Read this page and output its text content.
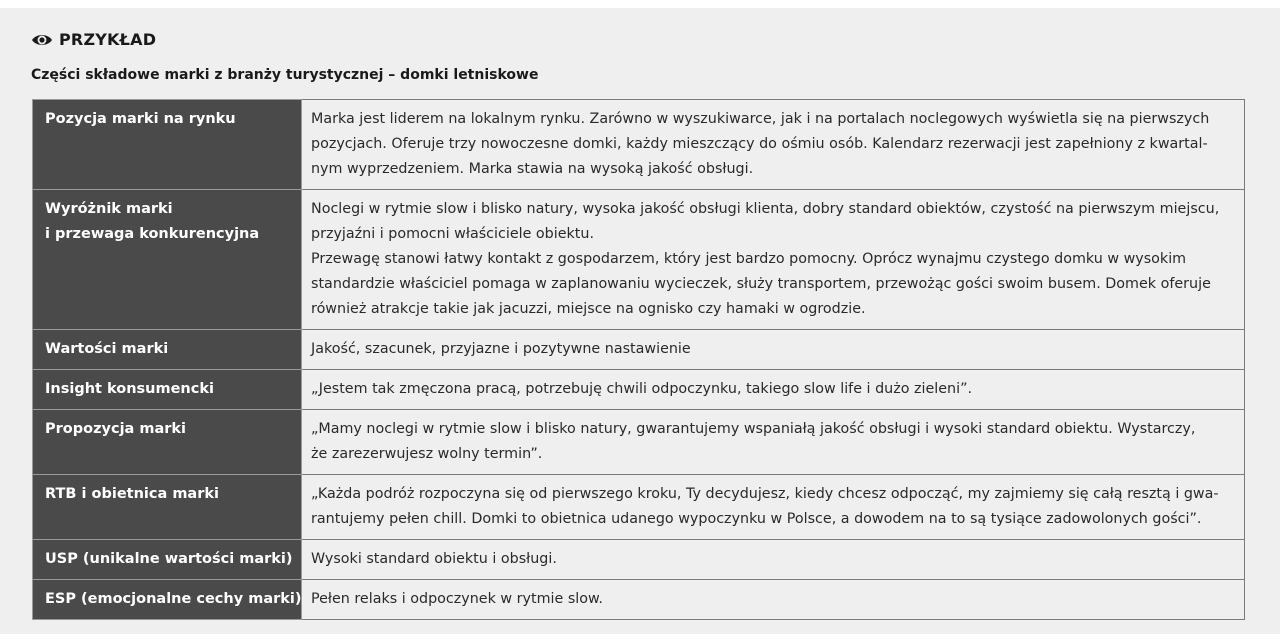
PRZYKŁAD
Części składowe marki z branży turystycznej – domki letniskowe
Pozycja marki na rynku	Marka jest liderem na lokalnym rynku. Zarówno w wyszukiwarce, jak i na portalach noclegowych wyświetla się na pierwszych
pozycjach. Oferuje trzy nowoczesne domki, każdy mieszczący do ośmiu osób. Kalendarz rezerwacji jest zapełniony z kwartal-
nym wyprzedzeniem. Marka stawia na wysoką jakość obsługi.

Wyróżnik marki
i przewaga konkurencyjna	Noclegi w rytmie slow i blisko natury, wysoka jakość obsługi klienta, dobry standard obiektów, czystość na pierwszym miejscu,
przyjaźni i pomocni właściciele obiektu.
Przewagę stanowi łatwy kontakt z gospodarzem, który jest bardzo pomocny. Oprócz wynajmu czystego domku w wysokim
standardzie właściciel pomaga w zaplanowaniu wycieczek, służy transportem, przewożąc gości swoim busem. Domek oferuje
również atrakcje takie jak jacuzzi, miejsce na ognisko czy hamaki w ogrodzie.

Wartości marki	Jakość, szacunek, przyjazne i pozytywne nastawienie

Insight konsumencki	„Jestem tak zmęczona pracą, potrzebuję chwili odpoczynku, takiego slow life i dużo zieleni”.

Propozycja marki	„Mamy noclegi w rytmie slow i blisko natury, gwarantujemy wspaniałą jakość obsługi i wysoki standard obiektu. Wystarczy,
że zarezerwujesz wolny termin”.

RTB i obietnica marki	„Każda podróż rozpoczyna się od pierwszego kroku, Ty decydujesz, kiedy chcesz odpocząć, my zajmiemy się całą resztą i gwa-
rantujemy pełen chill. Domki to obietnica udanego wypoczynku w Polsce, a dowodem na to są tysiące zadowolonych gości”.

USP (unikalne wartości marki)	Wysoki standard obiektu i obsługi.

ESP (emocjonalne cechy marki)	Pełen relaks i odpoczynek w rytmie slow.
